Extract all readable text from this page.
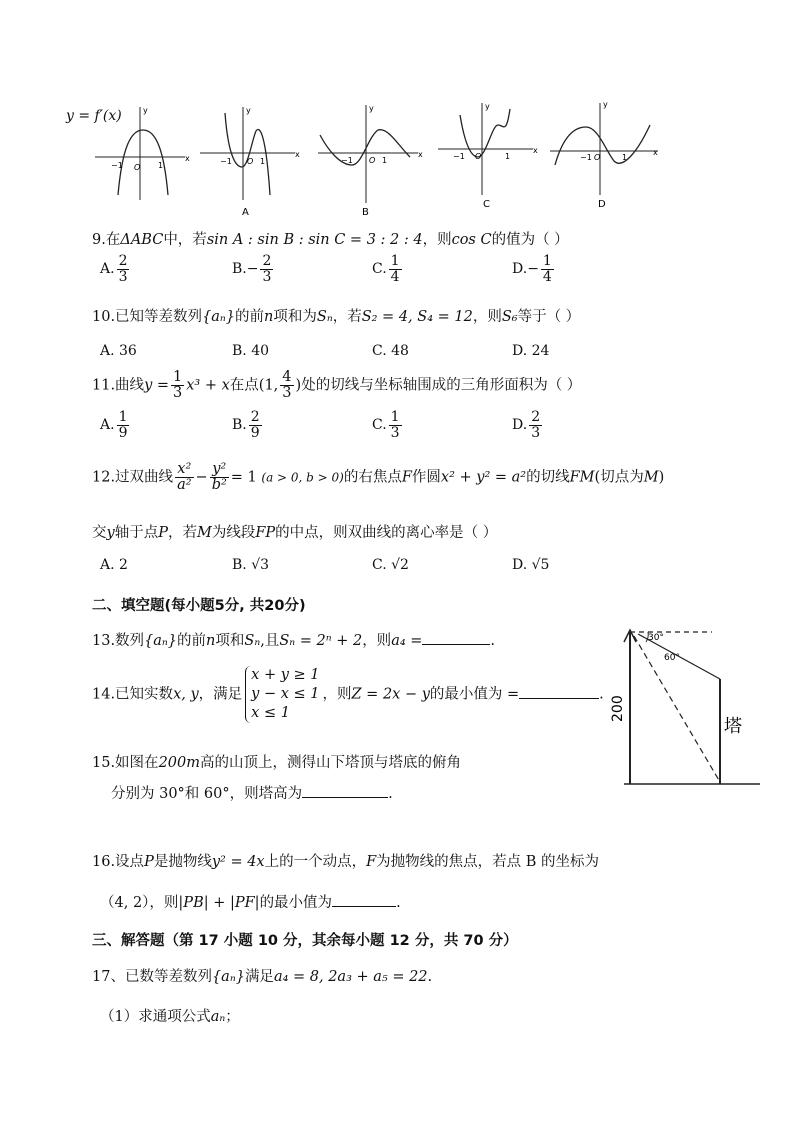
y = f′(x)	y
x
−1 O 1
y
x
−1 O 1
A
y
x
−1 O 1
B
y
x
−1 O	1
C
y
x
−1 O	1
D
9.在ΔABC中，若sin A : sin B : sin C = 3 : 2 : 4，则cos C的值为（ ）
A. $\frac{2}{3}$	$B.- \frac{2}{3}$	C. $\frac{1}{4}$	$D.- \frac{1}{4}$
10.已知等差数列{aₙ}的前n项和为Sₙ，若S₂ = 4, S₄ = 12，则S₆等于（ ）
A. 36	B. 40	C. 48	D. 24
11.曲线$y = \frac{1}{3} x^3 + x$在点(1, $\frac{4}{3}$ )处的切线与坐标轴围成的三角形面积为（ ）
A. $\frac{1}{9}$	B. $\frac{2}{9}$	C. $\frac{1}{3}$	D. $\frac{2}{3}$
12.过双曲线 $\frac{\text{x²}}{\text{a²}} - \frac{\text{y²}}{\text{b²}} = 1$ (a > 0, b > 0)的右焦点F作圆x² + y² = a²的切线FM(切点为M)
交y轴于点P，若M为线段FP的中点，则双曲线的离心率是（ ）
A. 2	B. √3	C. √2	D. √5
二、填空题(每小题5分, 共20分)
13.数列{aₙ}的前n项和Sₙ,且Sₙ = 2ⁿ + 2，则a₄ =	.
14.已知实数x, y，满足
x + y ≥ 1
y − x ≤ 1
x ≤ 1
，则Z = 2x − y的最小值为 =	.
15.如图在200m高的山顶上，测得山下塔顶与塔底的俯角
分别为 30°和 60°，则塔高为	.
30°
60°
200
塔
16.设点P是抛物线y² = 4x上的一个动点，F为抛物线的焦点，若点 B 的坐标为
（4, 2），则|PB| + |PF|的最小值为	.
三、解答题（第 17 小题 10 分，其余每小题 12 分，共 70 分）
17、已数等差数列{aₙ}满足a₄ = 8, 2a₃ + a₅ = 22.
（1）求通项公式aₙ；
